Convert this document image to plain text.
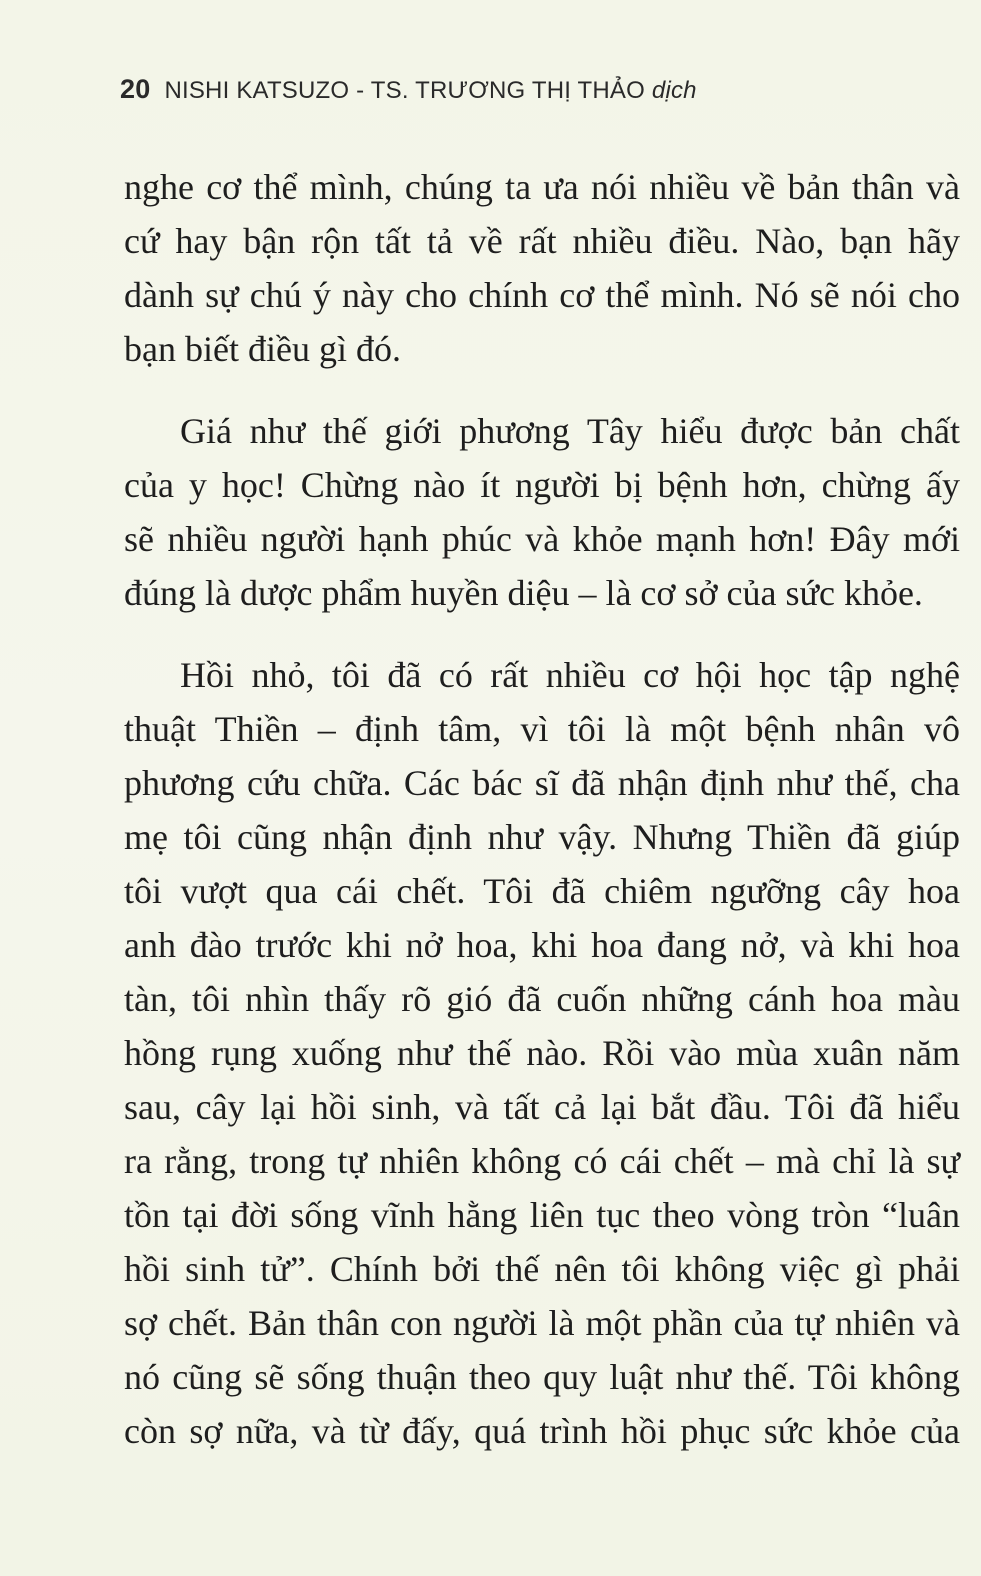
20 NISHI KATSUZO - TS. TRƯƠNG THỊ THẢO dịch
nghe cơ thể mình, chúng ta ưa nói nhiều về bản thân và
cứ hay bận rộn tất tả về rất nhiều điều. Nào, bạn hãy
dành sự chú ý này cho chính cơ thể mình. Nó sẽ nói cho
bạn biết điều gì đó.
Giá như thế giới phương Tây hiểu được bản chất
của y học! Chừng nào ít người bị bệnh hơn, chừng ấy
sẽ nhiều người hạnh phúc và khỏe mạnh hơn! Đây mới
đúng là dược phẩm huyền diệu – là cơ sở của sức khỏe.
Hồi nhỏ, tôi đã có rất nhiều cơ hội học tập nghệ
thuật Thiền – định tâm, vì tôi là một bệnh nhân vô
phương cứu chữa. Các bác sĩ đã nhận định như thế, cha
mẹ tôi cũng nhận định như vậy. Nhưng Thiền đã giúp
tôi vượt qua cái chết. Tôi đã chiêm ngưỡng cây hoa
anh đào trước khi nở hoa, khi hoa đang nở, và khi hoa
tàn, tôi nhìn thấy rõ gió đã cuốn những cánh hoa màu
hồng rụng xuống như thế nào. Rồi vào mùa xuân năm
sau, cây lại hồi sinh, và tất cả lại bắt đầu. Tôi đã hiểu
ra rằng, trong tự nhiên không có cái chết – mà chỉ là sự
tồn tại đời sống vĩnh hằng liên tục theo vòng tròn “luân
hồi sinh tử”. Chính bởi thế nên tôi không việc gì phải
sợ chết. Bản thân con người là một phần của tự nhiên và
nó cũng sẽ sống thuận theo quy luật như thế. Tôi không
còn sợ nữa, và từ đấy, quá trình hồi phục sức khỏe của
